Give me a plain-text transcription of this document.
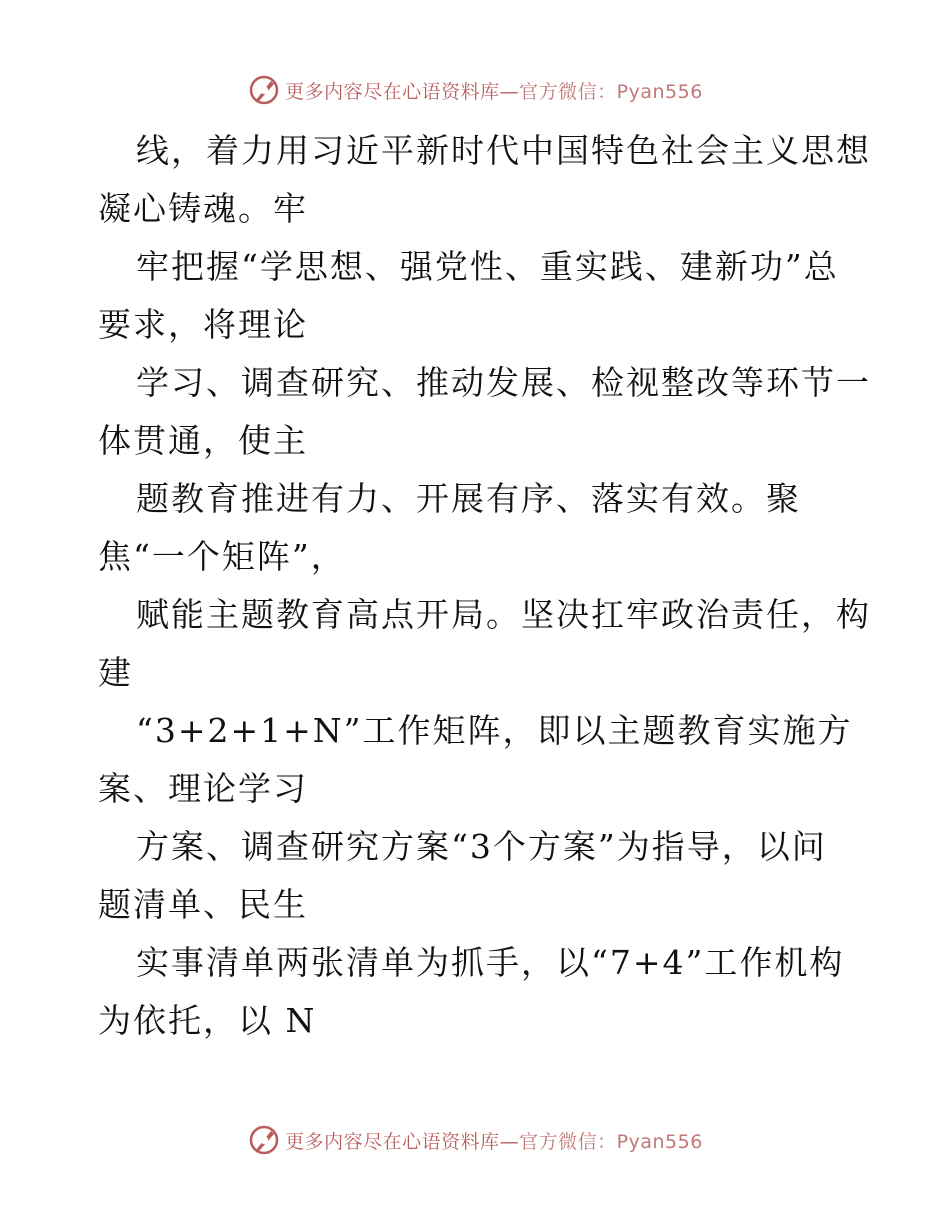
更多内容尽在心语资料库— 官方微信：Pyan556

线，着力用习近平新时代中国特色社会主义思想
凝心铸魂。牢

牢把握“学思想、强党性、重实践、建新功”总
要求，将理论

学习、调查研究、推动发展、检视整改等环节一
体贯通，使主

题教育推进有力、开展有序、落实有效。聚
焦“一个矩阵”，

赋能主题教育高点开局。坚决扛牢政治责任，构
建

“3+2+1+N”工作矩阵，即以主题教育实施方
案、理论学习

方案、调查研究方案“3个方案”为指导，以问
题清单、民生

实事清单两张清单为抓手，以“7+4”工作机构
为依托，以 N

更多内容尽在心语资料库— 官方微信：Pyan556
